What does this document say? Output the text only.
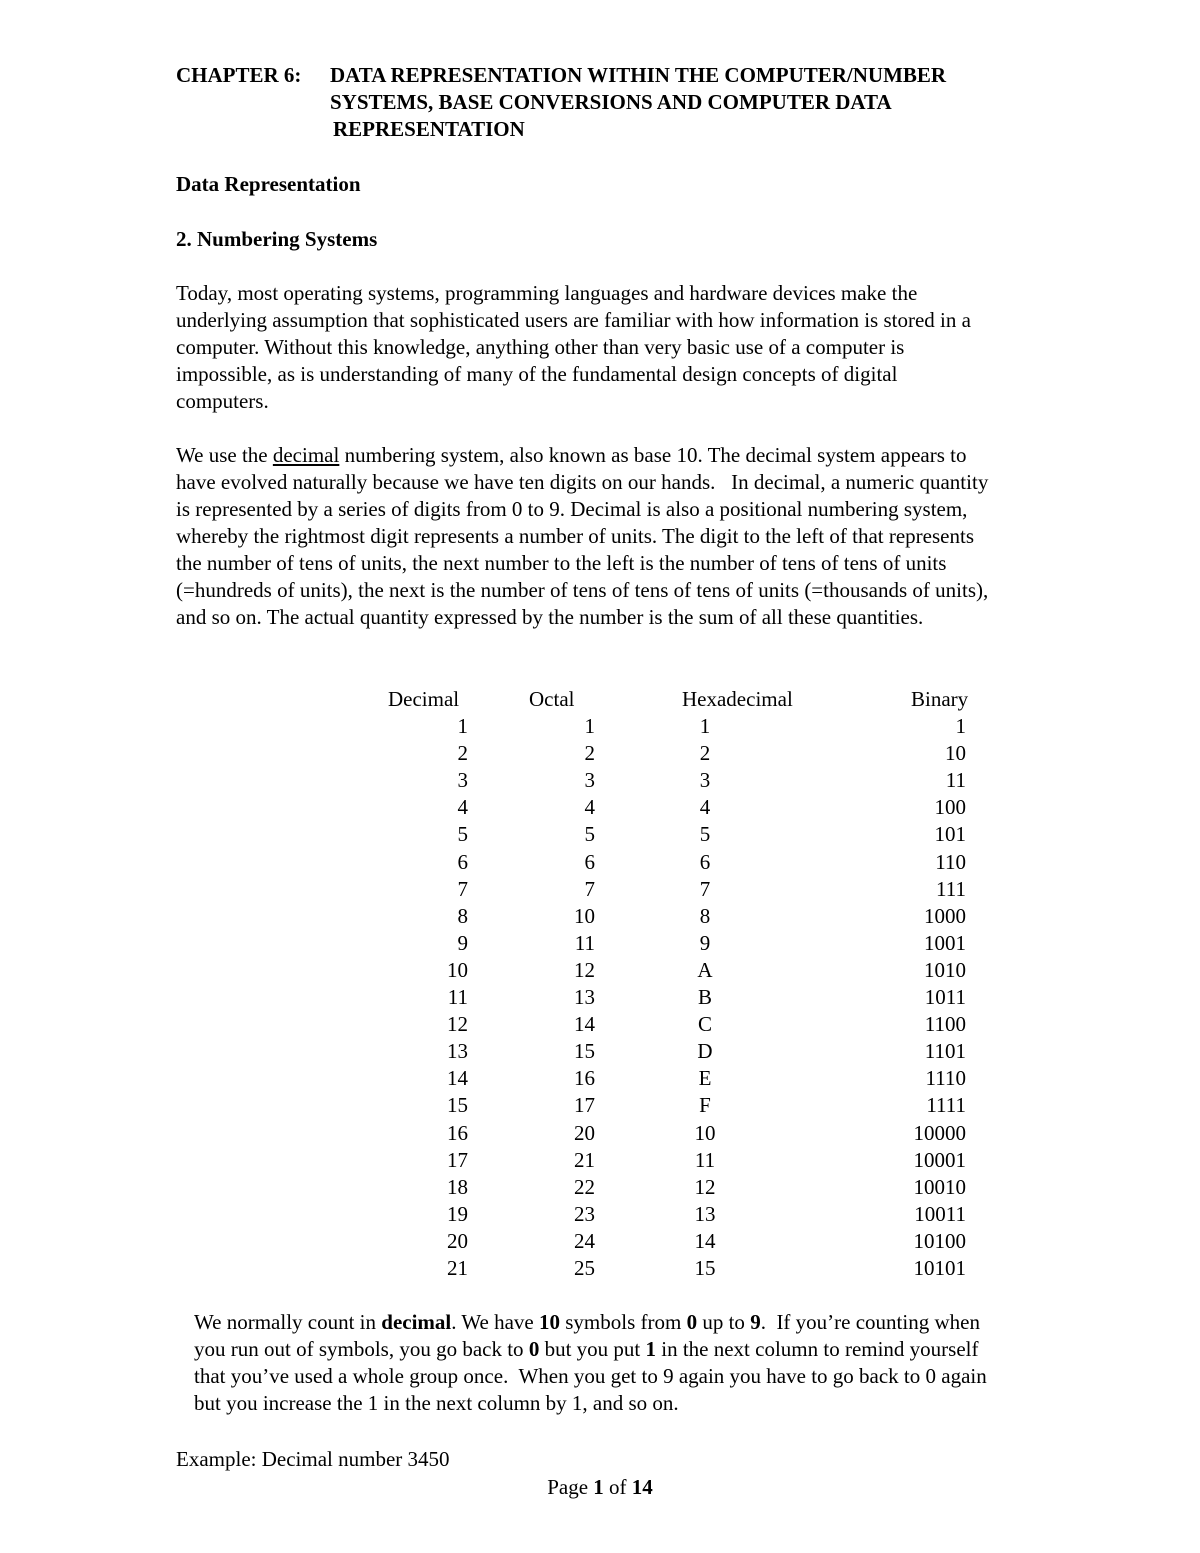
CHAPTER 6:	DATA REPRESENTATION WITHIN THE COMPUTER/NUMBER
SYSTEMS, BASE CONVERSIONS AND COMPUTER DATA
REPRESENTATION
Data Representation
2. Numbering Systems
Today, most operating systems, programming languages and hardware devices make the
underlying assumption that sophisticated users are familiar with how information is stored in a
computer. Without this knowledge, anything other than very basic use of a computer is
impossible, as is understanding of many of the fundamental design concepts of digital
computers.
We use the decimal numbering system, also known as base 10. The decimal system appears to
have evolved naturally because we have ten digits on our hands.   In decimal, a numeric quantity
is represented by a series of digits from 0 to 9. Decimal is also a positional numbering system,
whereby the rightmost digit represents a number of units. The digit to the left of that represents
the number of tens of units, the next number to the left is the number of tens of tens of units
(=hundreds of units), the next is the number of tens of tens of tens of units (=thousands of units),
and so on. The actual quantity expressed by the number is the sum of all these quantities.
Decimal	Octal	Hexadecimal	Binary
1	1	1	1
2	2	2	10
3	3	3	11
4	4	4	100
5	5	5	101
6	6	6	110
7	7	7	111
8	10	8	1000
9	11	9	1001
10	12	A	1010
11	13	B	1011
12	14	C	1100
13	15	D	1101
14	16	E	1110
15	17	F	1111
16	20	10	10000
17	21	11	10001
18	22	12	10010
19	23	13	10011
20	24	14	10100
21	25	15	10101
We normally count in decimal. We have 10 symbols from 0 up to 9.  If you’re counting when
you run out of symbols, you go back to 0 but you put 1 in the next column to remind yourself
that you’ve used a whole group once.  When you get to 9 again you have to go back to 0 again
but you increase the 1 in the next column by 1, and so on.
Example: Decimal number 3450
Page 1 of 14
